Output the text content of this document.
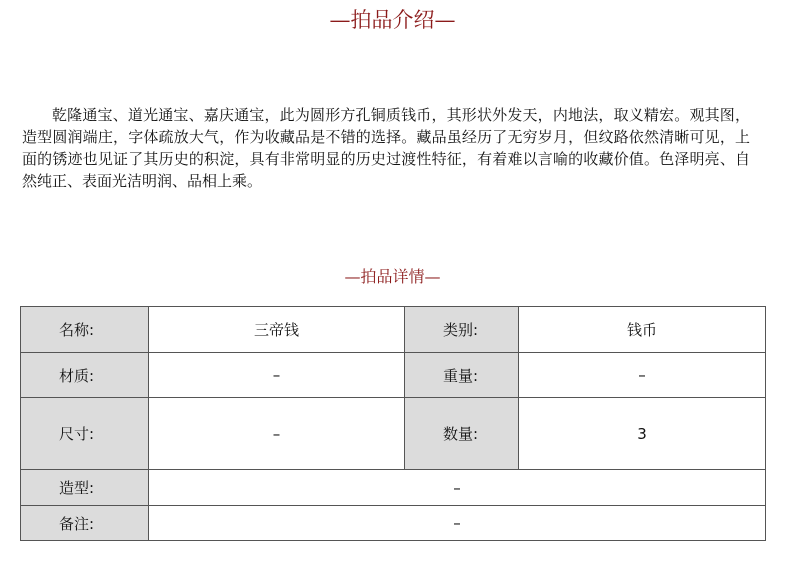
—拍品介绍—

乾隆通宝、道光通宝、嘉庆通宝，此为圆形方孔铜质钱币，其形状外发天，内地法，取义精宏。观其图，造型圆润端庄，字体疏放大气，作为收藏品是不错的选择。藏品虽经历了无穷岁月，但纹路依然清晰可见，上面的锈迹也见证了其历史的积淀，具有非常明显的历史过渡性特征，有着难以言喻的收藏价值。色泽明亮、自然纯正、表面光洁明润、品相上乘。

—拍品详情—
名称:	三帝钱	类别:	钱币
材质:	–	重量:	–
尺寸:	–	数量:	3
造型:	–		
备注:	–		
